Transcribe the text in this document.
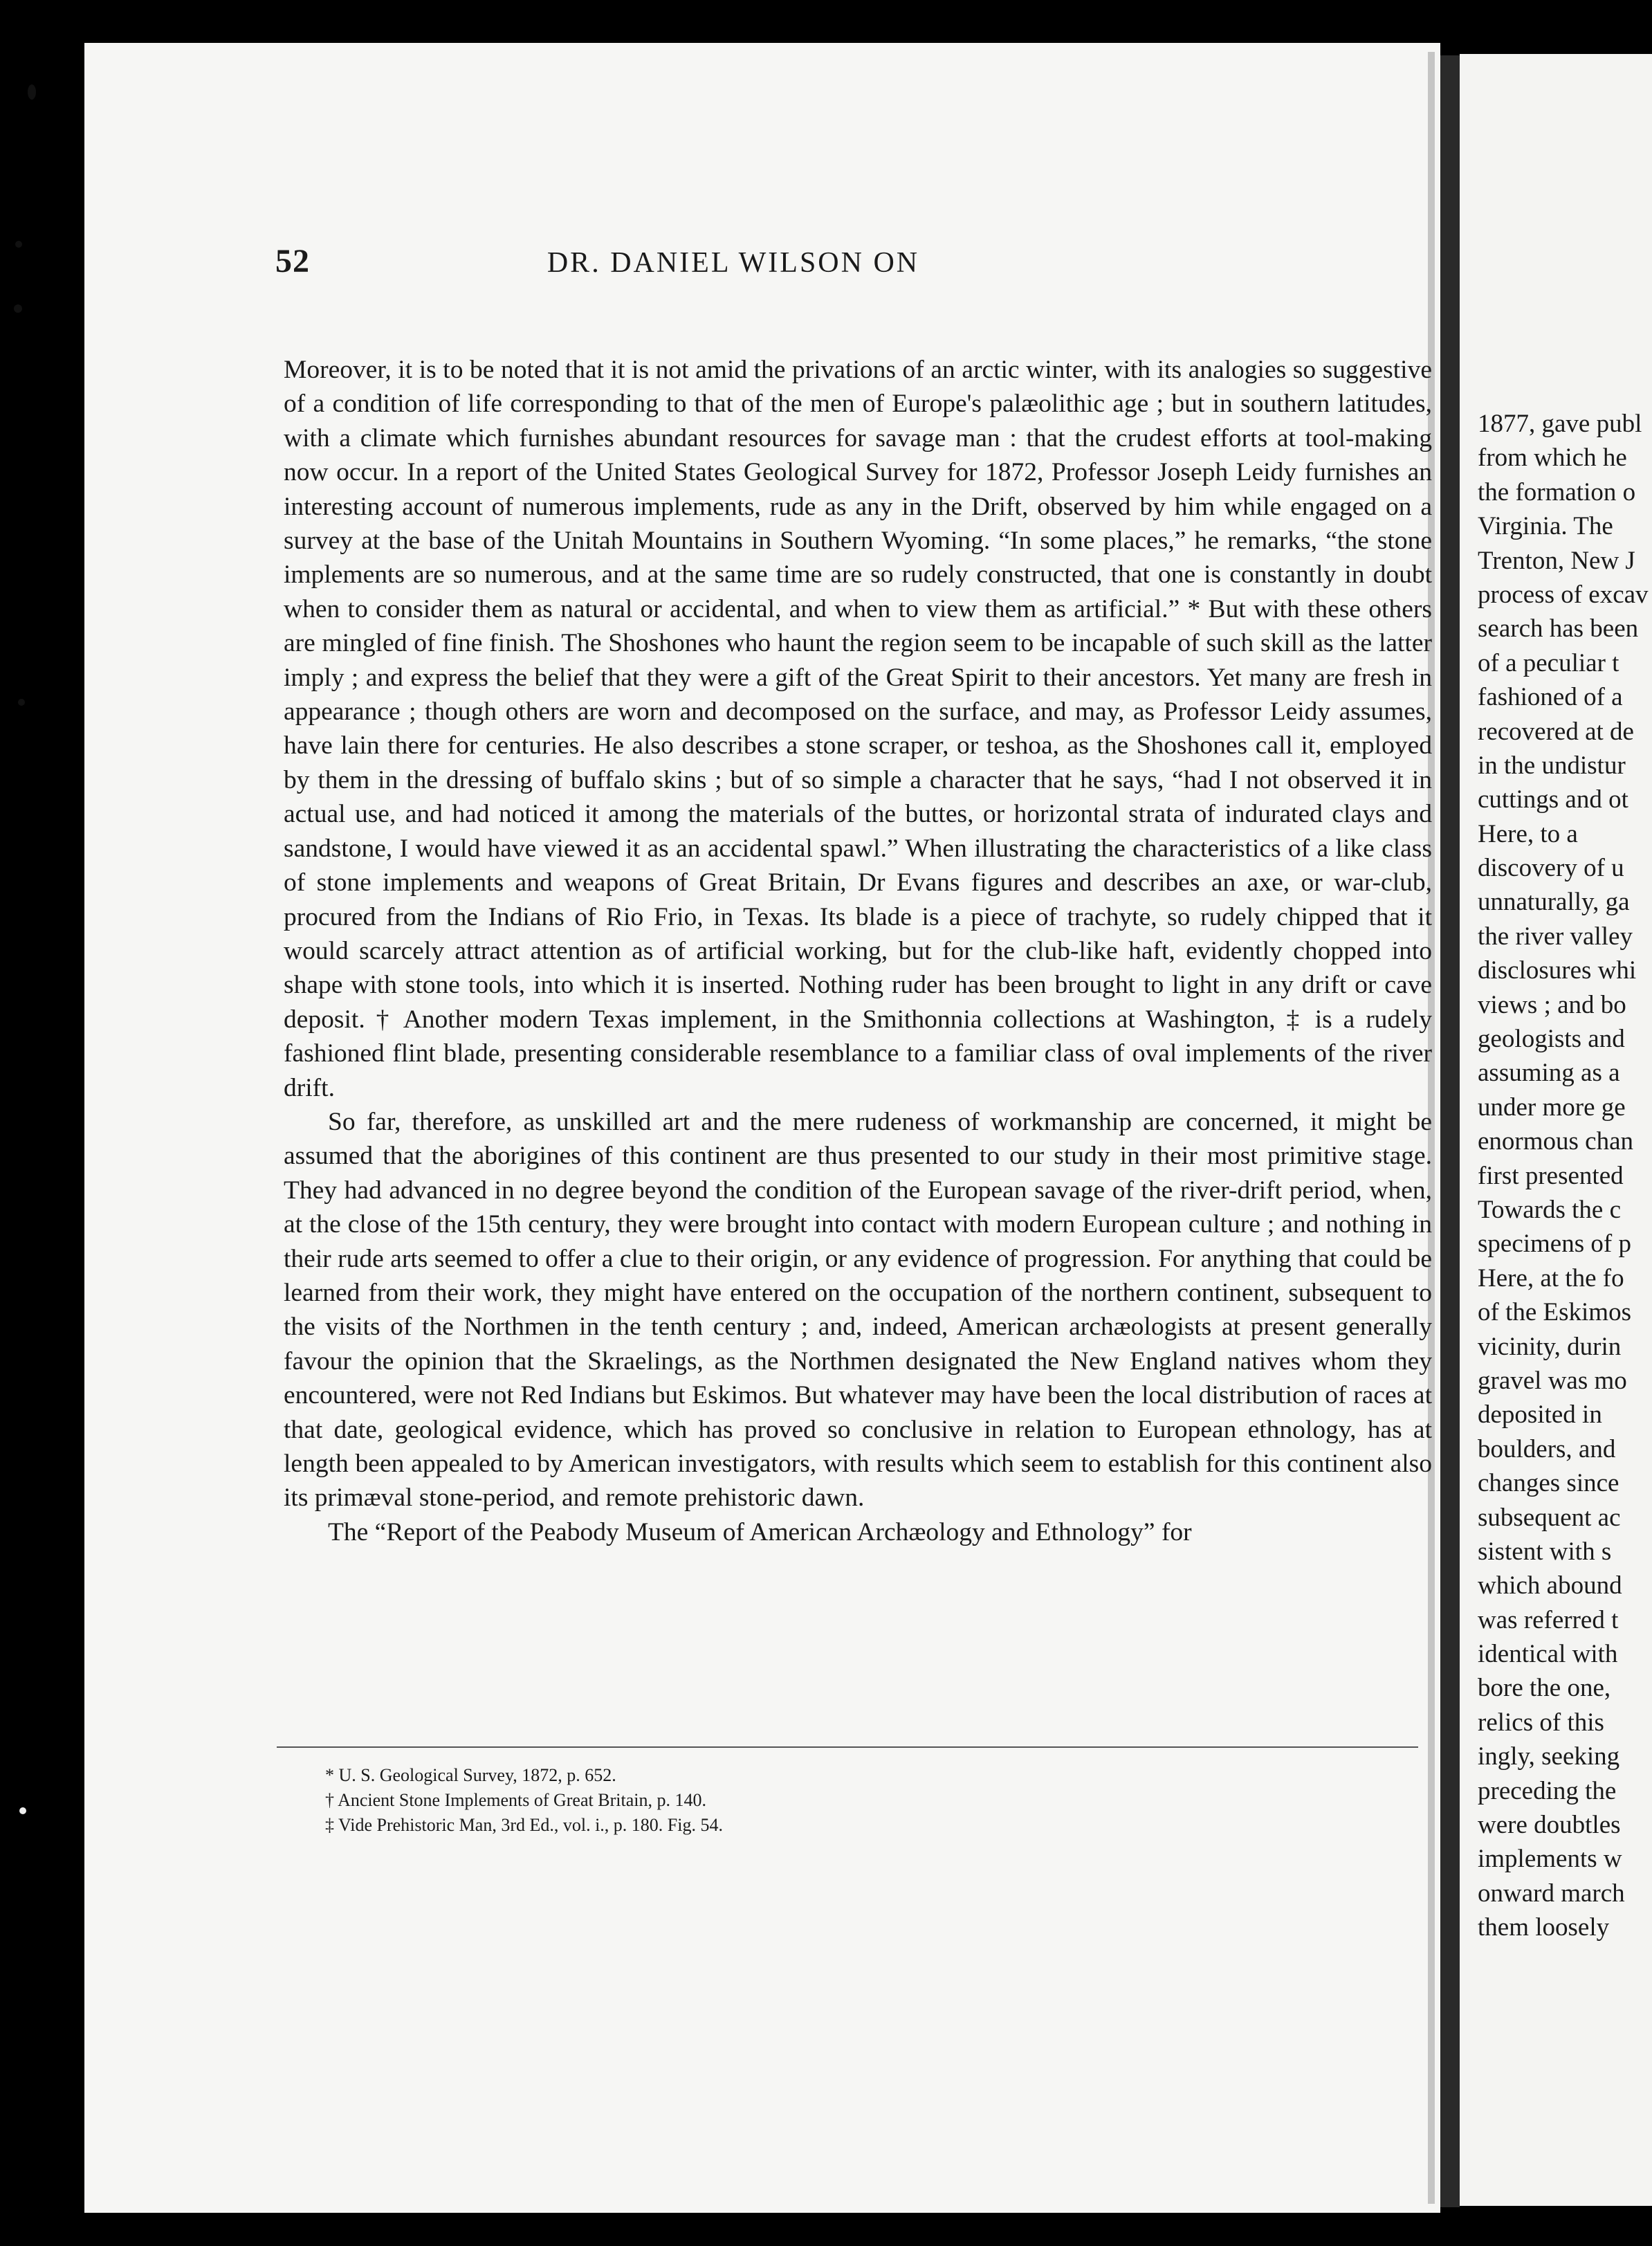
52	DR. DANIEL WILSON ON

Moreover, it is to be noted that it is not amid the privations of an arctic winter, with its analogies so suggestive of a condition of life corresponding to that of the men of Europe's palæolithic age ; but in southern latitudes, with a climate which furnishes abundant resources for savage man : that the crudest efforts at tool-making now occur. In a report of the United States Geological Survey for 1872, Professor Joseph Leidy furnishes an interesting account of numerous implements, rude as any in the Drift, observed by him while engaged on a survey at the base of the Unitah Mountains in Southern Wyoming. “In some places,” he remarks, “the stone implements are so numerous, and at the same time are so rudely constructed, that one is constantly in doubt when to consider them as natural or accidental, and when to view them as artificial.” * But with these others are mingled of fine finish. The Shoshones who haunt the region seem to be incapable of such skill as the latter imply ; and express the belief that they were a gift of the Great Spirit to their ancestors. Yet many are fresh in appearance ; though others are worn and decomposed on the surface, and may, as Professor Leidy assumes, have lain there for centuries. He also describes a stone scraper, or teshoa, as the Shoshones call it, employed by them in the dressing of buffalo skins ; but of so simple a character that he says, “had I not observed it in actual use, and had noticed it among the materials of the buttes, or horizontal strata of indurated clays and sandstone, I would have viewed it as an accidental spawl.” When illustrating the characteristics of a like class of stone implements and weapons of Great Britain, Dr Evans figures and describes an axe, or war-club, procured from the Indians of Rio Frio, in Texas. Its blade is a piece of trachyte, so rudely chipped that it would scarcely attract attention as of artificial working, but for the club-like haft, evidently chopped into shape with stone tools, into which it is inserted. Nothing ruder has been brought to light in any drift or cave deposit. † Another modern Texas implement, in the Smithonnia collections at Washington, ‡ is a rudely fashioned flint blade, presenting considerable resemblance to a familiar class of oval implements of the river drift.

So far, therefore, as unskilled art and the mere rudeness of workmanship are concerned, it might be assumed that the aborigines of this continent are thus presented to our study in their most primitive stage. They had advanced in no degree beyond the condition of the European savage of the river-drift period, when, at the close of the 15th century, they were brought into contact with modern European culture ; and nothing in their rude arts seemed to offer a clue to their origin, or any evidence of progression. For anything that could be learned from their work, they might have entered on the occupation of the northern continent, subsequent to the visits of the Northmen in the tenth century ; and, indeed, American archæologists at present generally favour the opinion that the Skraelings, as the Northmen designated the New England natives whom they encountered, were not Red Indians but Eskimos. But whatever may have been the local distribution of races at that date, geological evidence, which has proved so conclusive in relation to European ethnology, has at length been appealed to by American investigators, with results which seem to establish for this continent also its primæval stone-period, and remote prehistoric dawn.

The “Report of the Peabody Museum of American Archæology and Ethnology” for

* U. S. Geological Survey, 1872, p. 652.
† Ancient Stone Implements of Great Britain, p. 140.
‡ Vide Prehistoric Man, 3rd Ed., vol. i., p. 180. Fig. 54.
1877, gave publ
from which he
the formation o
Virginia. The
Trenton, New J
process of excav
search has been
of a peculiar t
fashioned of a
recovered at de
in the undistur
cuttings and ot
Here, to a
discovery of u
unnaturally, ga
the river valley
disclosures whi
views ; and bo
geologists and
assuming as a
under more ge
enormous chan
first presented
Towards the c
specimens of p
Here, at the fo
of the Eskimos
vicinity, durin
gravel was mo
deposited in
boulders, and
changes since
subsequent ac
sistent with s
which abound
was referred t
identical with
bore the one,
relics of this
ingly, seeking
preceding the
were doubtles
implements w
onward march
them loosely
